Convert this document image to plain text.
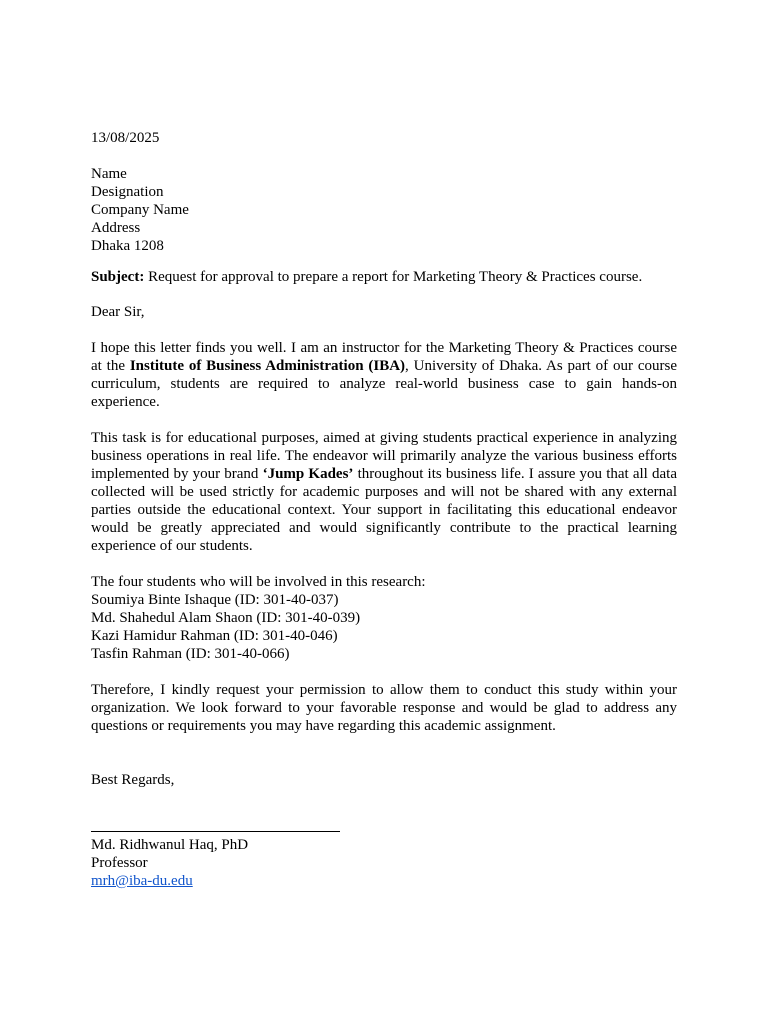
13/08/2025
Name
Designation
Company Name
Address
Dhaka 1208
Subject: Request for approval to prepare a report for Marketing Theory & Practices course.
Dear Sir,

I hope this letter finds you well. I am an instructor for the Marketing Theory & Practices course at the Institute of Business Administration (IBA), University of Dhaka. As part of our course curriculum, students are required to analyze real-world business case to gain hands-on experience.

This task is for educational purposes, aimed at giving students practical experience in analyzing business operations in real life. The endeavor will primarily analyze the various business efforts implemented by your brand ‘Jump Kades’ throughout its business life. I assure you that all data collected will be used strictly for academic purposes and will not be shared with any external parties outside the educational context. Your support in facilitating this educational endeavor would be greatly appreciated and would significantly contribute to the practical learning experience of our students.

The four students who will be involved in this research:
Soumiya Binte Ishaque (ID: 301-40-037)
Md. Shahedul Alam Shaon (ID: 301-40-039)
Kazi Hamidur Rahman (ID: 301-40-046)
Tasfin Rahman (ID: 301-40-066)

Therefore, I kindly request your permission to allow them to conduct this study within your organization. We look forward to your favorable response and would be glad to address any questions or requirements you may have regarding this academic assignment.

Best Regards,
Md. Ridhwanul Haq, PhD
Professor
mrh@iba-du.edu
